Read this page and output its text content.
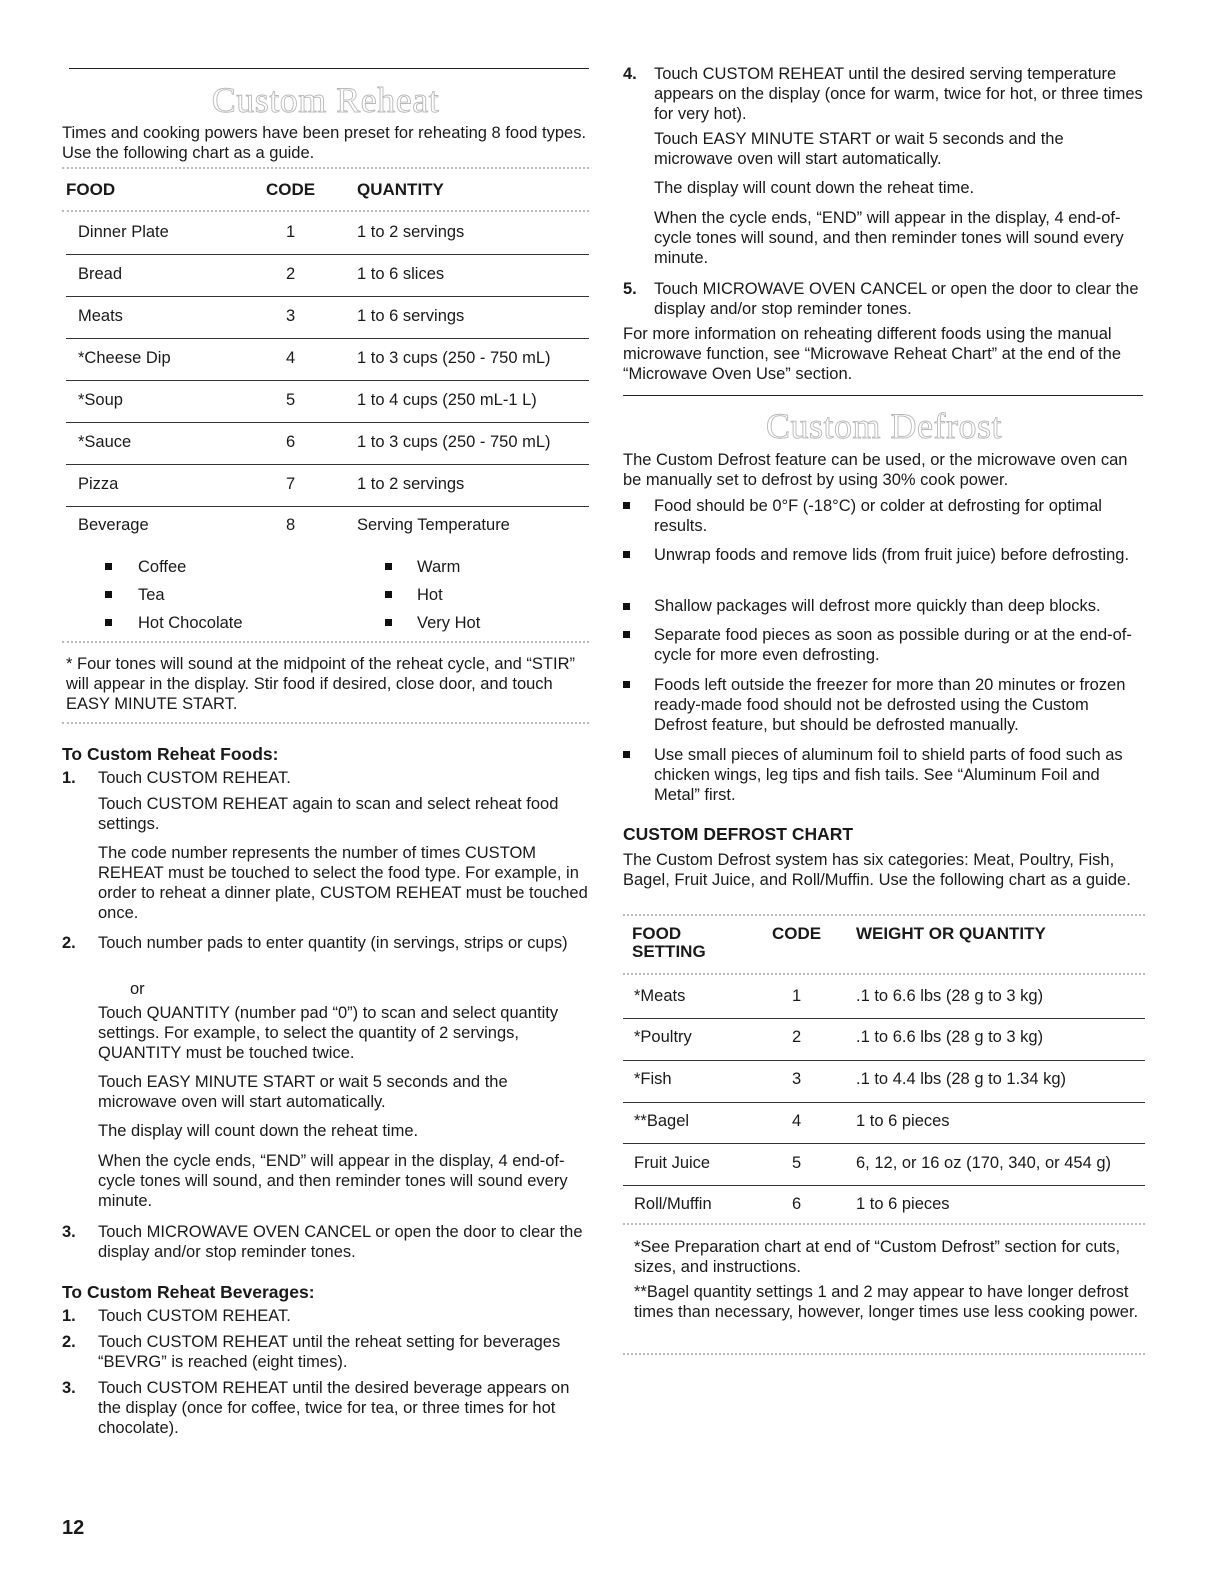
Custom Reheat
Times and cooking powers have been preset for reheating 8 food types. Use the following chart as a guide.
FOOD	CODE QUANTITY
Dinner Plate	1	1 to 2 servings
Bread	2	1 to 6 slices
Meats	3	1 to 6 servings
*Cheese Dip	4	1 to 3 cups (250 - 750 mL)
*Soup	5	1 to 4 cups (250 mL-1 L)
*Sauce	6	1 to 3 cups (250 - 750 mL)
Pizza	7	1 to 2 servings
Beverage	8	Serving Temperature
Coffee
Tea
Hot Chocolate
Warm
Hot
Very Hot
* Four tones will sound at the midpoint of the reheat cycle, and “STIR” will appear in the display. Stir food if desired, close door, and touch EASY MINUTE START.
To Custom Reheat Foods:
1. Touch CUSTOM REHEAT.
Touch CUSTOM REHEAT again to scan and select reheat food settings.
The code number represents the number of times CUSTOM REHEAT must be touched to select the food type. For example, in order to reheat a dinner plate, CUSTOM REHEAT must be touched once.
2. Touch number pads to enter quantity (in servings, strips or cups)
or
Touch QUANTITY (number pad “0”) to scan and select quantity settings. For example, to select the quantity of 2 servings, QUANTITY must be touched twice.
Touch EASY MINUTE START or wait 5 seconds and the microwave oven will start automatically.
The display will count down the reheat time.
When the cycle ends, “END” will appear in the display, 4 end-of-cycle tones will sound, and then reminder tones will sound every minute.
3. Touch MICROWAVE OVEN CANCEL or open the door to clear the display and/or stop reminder tones.
To Custom Reheat Beverages:
1. Touch CUSTOM REHEAT.
2. Touch CUSTOM REHEAT until the reheat setting for beverages “BEVRG” is reached (eight times).
3. Touch CUSTOM REHEAT until the desired beverage appears on the display (once for coffee, twice for tea, or three times for hot chocolate).
4. Touch CUSTOM REHEAT until the desired serving temperature appears on the display (once for warm, twice for hot, or three times for very hot).
Touch EASY MINUTE START or wait 5 seconds and the microwave oven will start automatically.
The display will count down the reheat time.
When the cycle ends, “END” will appear in the display, 4 end-of-cycle tones will sound, and then reminder tones will sound every minute.
5. Touch MICROWAVE OVEN CANCEL or open the door to clear the display and/or stop reminder tones.
For more information on reheating different foods using the manual microwave function, see “Microwave Reheat Chart” at the end of the “Microwave Oven Use” section.
Custom Defrost
The Custom Defrost feature can be used, or the microwave oven can be manually set to defrost by using 30% cook power.
Food should be 0°F (-18°C) or colder at defrosting for optimal results.
Unwrap foods and remove lids (from fruit juice) before defrosting.
Shallow packages will defrost more quickly than deep blocks.
Separate food pieces as soon as possible during or at the end-of-cycle for more even defrosting.
Foods left outside the freezer for more than 20 minutes or frozen ready-made food should not be defrosted using the Custom Defrost feature, but should be defrosted manually.
Use small pieces of aluminum foil to shield parts of food such as chicken wings, leg tips and fish tails. See “Aluminum Foil and Metal” first.
CUSTOM DEFROST CHART
The Custom Defrost system has six categories: Meat, Poultry, Fish, Bagel, Fruit Juice, and Roll/Muffin. Use the following chart as a guide.
FOOD
SETTING
CODE WEIGHT OR QUANTITY
*Meats	1	.1 to 6.6 lbs (28 g to 3 kg)
*Poultry	2	.1 to 6.6 lbs (28 g to 3 kg)
*Fish	3	.1 to 4.4 lbs (28 g to 1.34 kg)
**Bagel	4	1 to 6 pieces
Fruit Juice	5	6, 12, or 16 oz (170, 340, or 454 g)
Roll/Muffin	6	1 to 6 pieces
*See Preparation chart at end of “Custom Defrost” section for cuts, sizes, and instructions.
**Bagel quantity settings 1 and 2 may appear to have longer defrost times than necessary, however, longer times use less cooking power.
12
